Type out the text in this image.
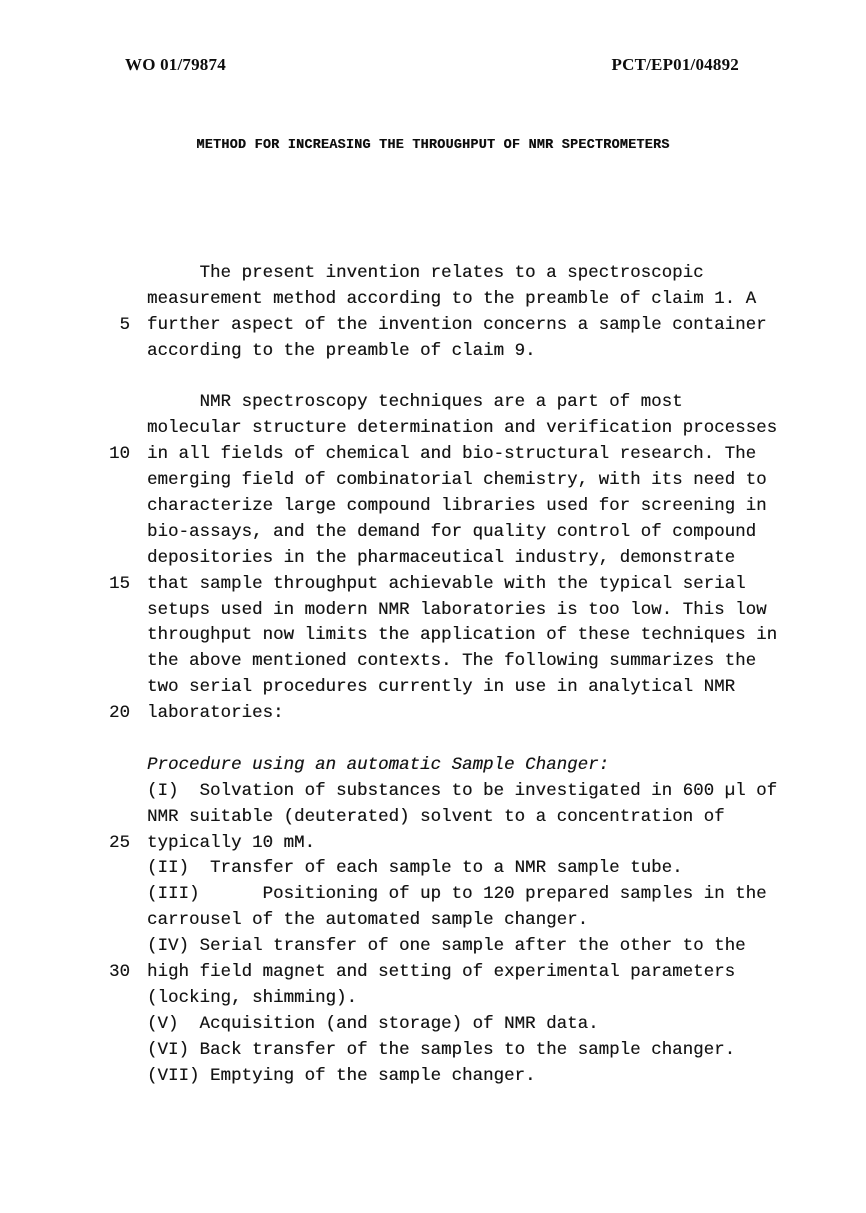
WO 01/79874	PCT/EP01/04892
METHOD FOR INCREASING THE THROUGHPUT OF NMR SPECTROMETERS

The present invention relates to a spectroscopic

measurement method according to the preamble of claim 1. A

5

further aspect of the invention concerns a sample container

according to the preamble of claim 9.

NMR spectroscopy techniques are a part of most

molecular structure determination and verification processes

10

in all fields of chemical and bio-structural research. The

emerging field of combinatorial chemistry, with its need to

characterize large compound libraries used for screening in

bio-assays, and the demand for quality control of compound

depositories in the pharmaceutical industry, demonstrate

15

that sample throughput achievable with the typical serial

setups used in modern NMR laboratories is too low. This low

throughput now limits the application of these techniques in

the above mentioned contexts. The following summarizes the

two serial procedures currently in use in analytical NMR

20

laboratories:

Procedure using an automatic Sample Changer:

(I)  Solvation of substances to be investigated in 600 µl of

NMR suitable (deuterated) solvent to a concentration of

25

typically 10 mM.

(II)  Transfer of each sample to a NMR sample tube.

(III)      Positioning of up to 120 prepared samples in the

carrousel of the automated sample changer.

(IV) Serial transfer of one sample after the other to the

30

high field magnet and setting of experimental parameters

(locking, shimming).

(V)  Acquisition (and storage) of NMR data.

(VI) Back transfer of the samples to the sample changer.

(VII) Emptying of the sample changer.
